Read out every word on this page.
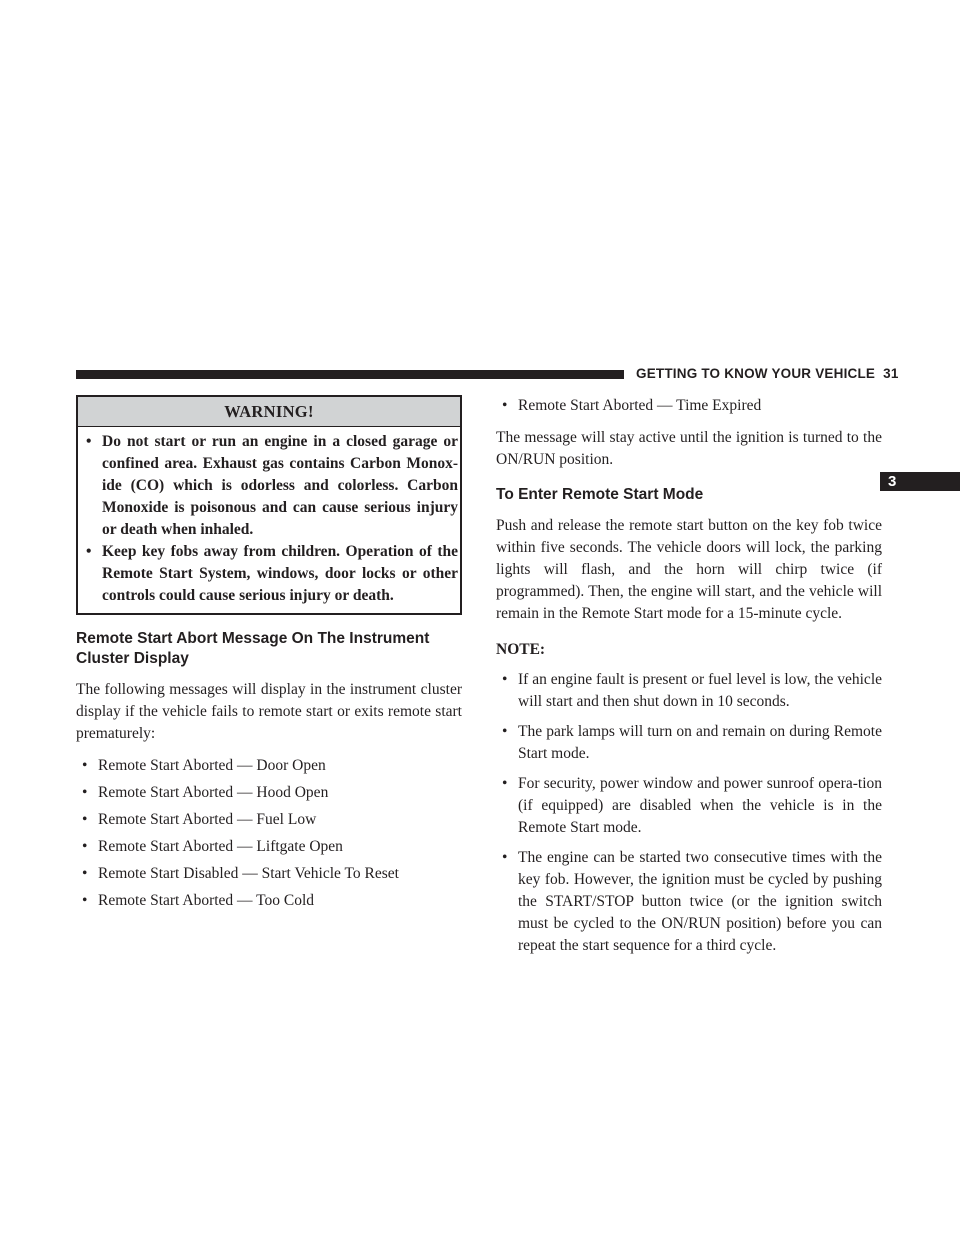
GETTING TO KNOW YOUR VEHICLE 31
3
WARNING!

• Do not start or run an engine in a closed garage or confined area. Exhaust gas contains Carbon Monox-ide (CO) which is odorless and colorless. Carbon Monoxide is poisonous and can cause serious injury or death when inhaled.

• Keep key fobs away from children. Operation of the Remote Start System, windows, door locks or other controls could cause serious injury or death.

Remote Start Abort Message On The Instrument Cluster Display

The following messages will display in the instrument cluster display if the vehicle fails to remote start or exits remote start prematurely:

• Remote Start Aborted — Door Open

• Remote Start Aborted — Hood Open

• Remote Start Aborted — Fuel Low

• Remote Start Aborted — Liftgate Open

• Remote Start Disabled — Start Vehicle To Reset

• Remote Start Aborted — Too Cold

• Remote Start Aborted — Time Expired

The message will stay active until the ignition is turned to the ON/RUN position.

To Enter Remote Start Mode

Push and release the remote start button on the key fob twice within five seconds. The vehicle doors will lock, the parking lights will flash, and the horn will chirp twice (if programmed). Then, the engine will start, and the vehicle will remain in the Remote Start mode for a 15-minute cycle.

NOTE:

• If an engine fault is present or fuel level is low, the vehicle will start and then shut down in 10 seconds.

• The park lamps will turn on and remain on during Remote Start mode.

• For security, power window and power sunroof opera-tion (if equipped) are disabled when the vehicle is in the Remote Start mode.

• The engine can be started two consecutive times with the key fob. However, the ignition must be cycled by pushing the START/STOP button twice (or the ignition switch must be cycled to the ON/RUN position) before you can repeat the start sequence for a third cycle.
